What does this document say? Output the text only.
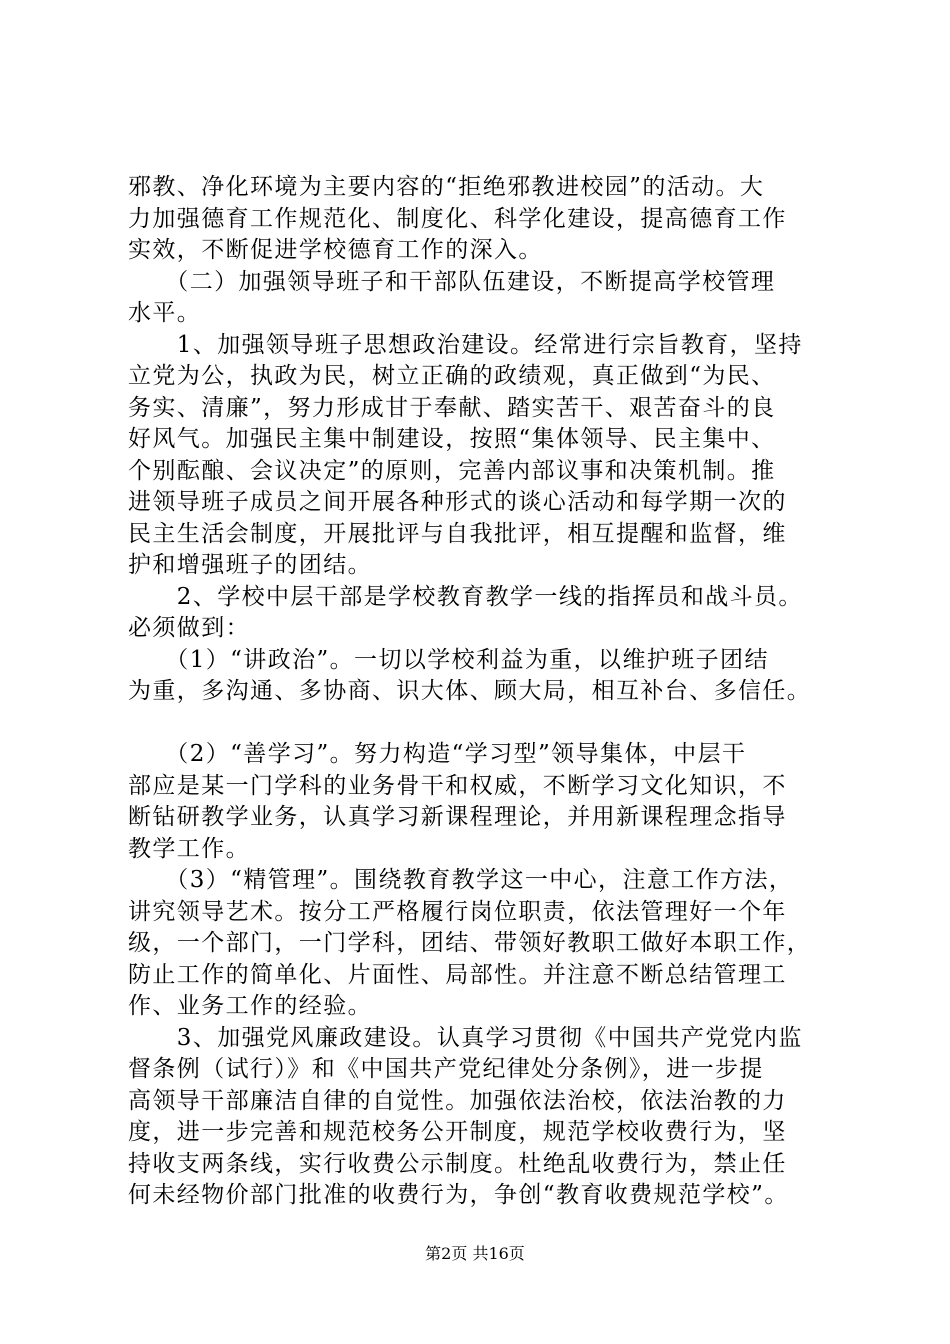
邪教、净化环境为主要内容的“拒绝邪教进校园”的活动。大
力加强德育工作规范化、制度化、科学化建设，提高德育工作
实效，不断促进学校德育工作的深入。
　　（二）加强领导班子和干部队伍建设，不断提高学校管理
水平。
　　1、加强领导班子思想政治建设。经常进行宗旨教育，坚持
立党为公，执政为民，树立正确的政绩观，真正做到“为民、
务实、清廉”，努力形成甘于奉献、踏实苦干、艰苦奋斗的良
好风气。加强民主集中制建设，按照“集体领导、民主集中、
个别酝酿、会议决定”的原则，完善内部议事和决策机制。推
进领导班子成员之间开展各种形式的谈心活动和每学期一次的
民主生活会制度，开展批评与自我批评，相互提醒和监督，维
护和增强班子的团结。
　　2、学校中层干部是学校教育教学一线的指挥员和战斗员。
必须做到：
　　（1）“讲政治”。一切以学校利益为重，以维护班子团结
为重，多沟通、多协商、识大体、顾大局，相互补台、多信任。
　　（2）“善学习”。努力构造“学习型”领导集体，中层干
部应是某一门学科的业务骨干和权威，不断学习文化知识，不
断钻研教学业务，认真学习新课程理论，并用新课程理念指导
教学工作。
　　（3）“精管理”。围绕教育教学这一中心，注意工作方法，
讲究领导艺术。按分工严格履行岗位职责，依法管理好一个年
级，一个部门，一门学科，团结、带领好教职工做好本职工作，
防止工作的简单化、片面性、局部性。并注意不断总结管理工
作、业务工作的经验。
　　3、加强党风廉政建设。认真学习贯彻《中国共产党党内监
督条例（试行）》和《中国共产党纪律处分条例》，进一步提
高领导干部廉洁自律的自觉性。加强依法治校，依法治教的力
度，进一步完善和规范校务公开制度，规范学校收费行为，坚
持收支两条线，实行收费公示制度。杜绝乱收费行为，禁止任
何未经物价部门批准的收费行为，争创“教育收费规范学校”。
第2页 共16页
